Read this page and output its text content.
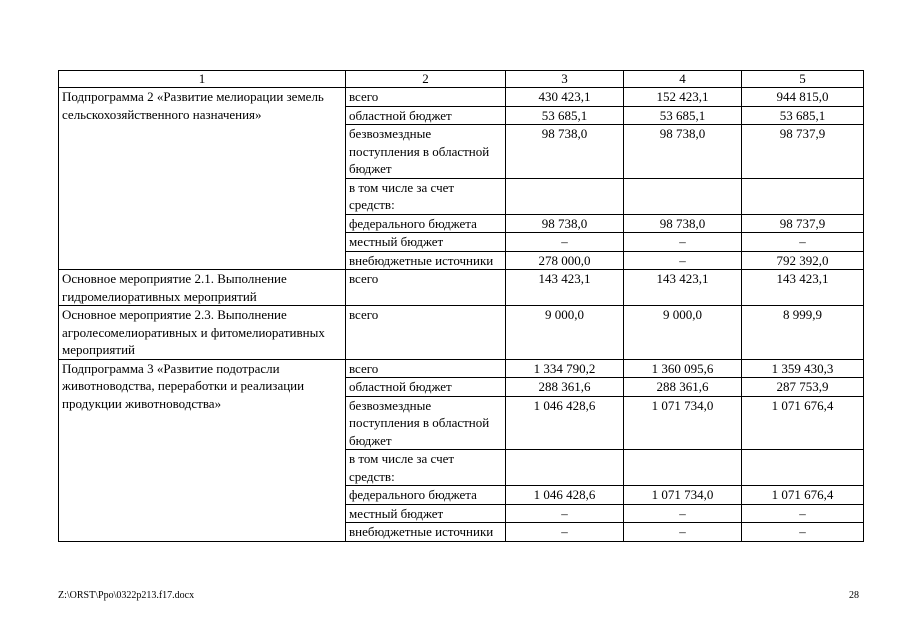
1	2	3	4	5
Подпрограмма 2 «Развитие мелиорации земель сельскохозяйственного назначения»	всего	430 423,1	152 423,1	944 815,0
	областной бюджет	53 685,1	53 685,1	53 685,1
	безвозмездные поступления в областной бюджет	98 738,0	98 738,0	98 737,9
	в том числе за счет средств:			
	федерального бюджета	98 738,0	98 738,0	98 737,9
	местный бюджет	–	–	–
	внебюджетные источники	278 000,0	–	792 392,0
Основное мероприятие 2.1. Выполнение гидромелиоративных мероприятий	всего	143 423,1	143 423,1	143 423,1
Основное мероприятие 2.3. Выполнение агролесомелиоративных и фитомелиоративных мероприятий	всего	9 000,0	9 000,0	8 999,9
Подпрограмма 3 «Развитие подотрасли животноводства, переработки и реализации продукции животноводства»	всего	1 334 790,2	1 360 095,6	1 359 430,3
	областной бюджет	288 361,6	288 361,6	287 753,9
	безвозмездные поступления в областной бюджет	1 046 428,6	1 071 734,0	1 071 676,4
	в том числе за счет средств:			
	федерального бюджета	1 046 428,6	1 071 734,0	1 071 676,4
	местный бюджет	–	–	–
	внебюджетные источники	–	–	–
Z:\ORST\Ppo\0322p213.f17.docx	28
